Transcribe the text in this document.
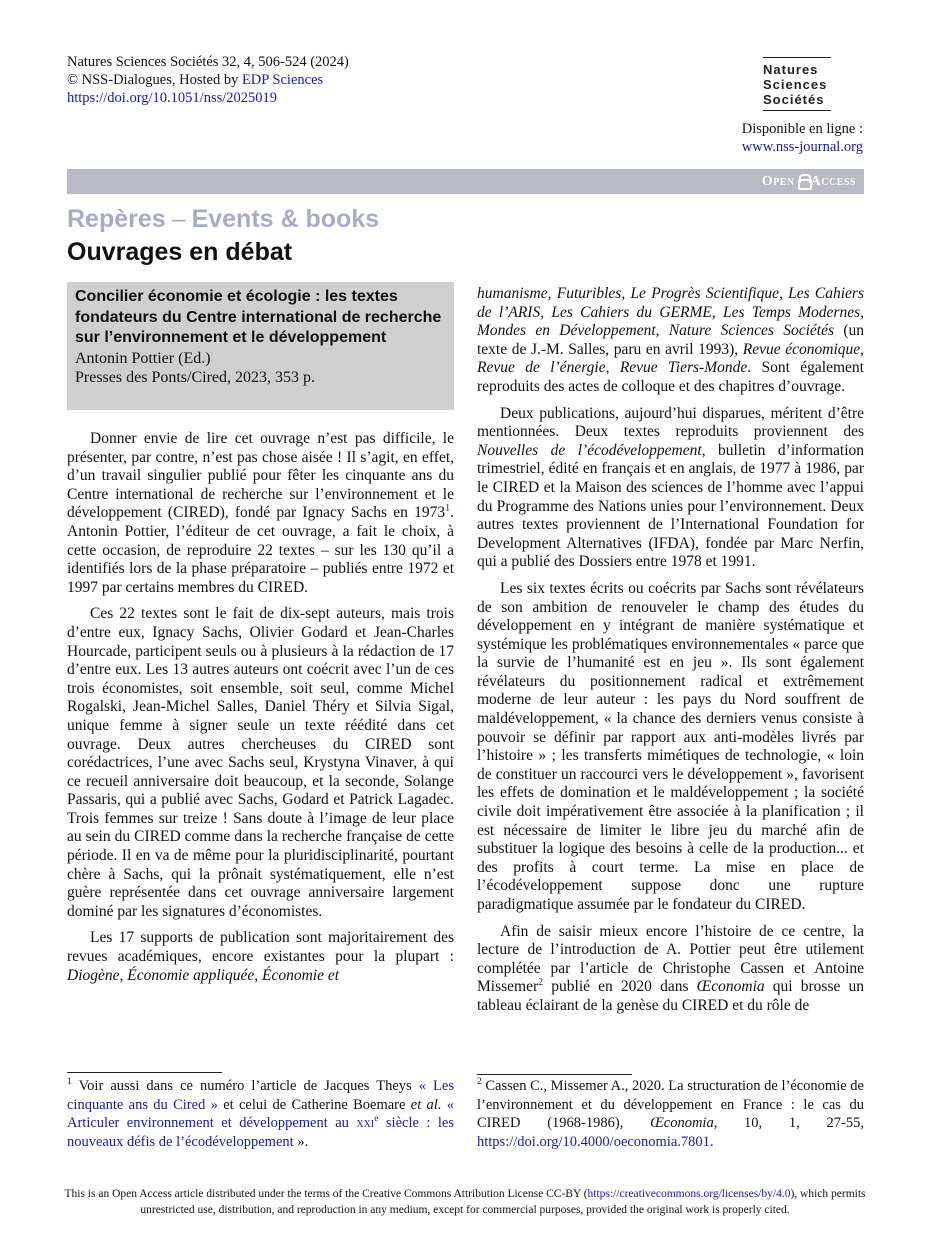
Natures Sciences Sociétés 32, 4, 506-524 (2024)
© NSS-Dialogues, Hosted by EDP Sciences
https://doi.org/10.1051/nss/2025019
Natures
Sciences
Sociétés
Disponible en ligne :
www.nss-journal.org
Open Access
Repères – Events & books
Ouvrages en débat
Concilier économie et écologie : les textes fondateurs du Centre international de recherche sur l’environnement et le développement
Antonin Pottier (Ed.)
Presses des Ponts/Cired, 2023, 353 p.

Donner envie de lire cet ouvrage n’est pas difficile, le présenter, par contre, n’est pas chose aisée ! Il s’agit, en effet, d’un travail singulier publié pour fêter les cinquante ans du Centre international de recherche sur l’environnement et le développement (CIRED), fondé par Ignacy Sachs en 1973$^1$. Antonin Pottier, l’éditeur de cet ouvrage, a fait le choix, à cette occasion, de reproduire 22 textes – sur les 130 qu’il a identifiés lors de la phase préparatoire – publiés entre 1972 et 1997 par certains membres du CIRED.

Ces 22 textes sont le fait de dix-sept auteurs, mais trois d’entre eux, Ignacy Sachs, Olivier Godard et Jean-Charles Hourcade, participent seuls ou à plusieurs à la rédaction de 17 d’entre eux. Les 13 autres auteurs ont coécrit avec l’un de ces trois économistes, soit ensemble, soit seul, comme Michel Rogalski, Jean-Michel Salles, Daniel Théry et Silvia Sigal, unique femme à signer seule un texte réédité dans cet ouvrage. Deux autres chercheuses du CIRED sont corédactrices, l’une avec Sachs seul, Krystyna Vinaver, à qui ce recueil anniversaire doit beaucoup, et la seconde, Solange Passaris, qui a publié avec Sachs, Godard et Patrick Lagadec. Trois femmes sur treize ! Sans doute à l’image de leur place au sein du CIRED comme dans la recherche française de cette période. Il en va de même pour la pluridisciplinarité, pourtant chère à Sachs, qui la prônait systématiquement, elle n’est guère représentée dans cet ouvrage anniversaire largement dominé par les signatures d’économistes.

Les 17 supports de publication sont majoritairement des revues académiques, encore existantes pour la plupart : Diogène, Économie appliquée, Économie et

humanisme, Futuribles, Le Progrès Scientifique, Les Cahiers de l’ARIS, Les Cahiers du GERME, Les Temps Modernes, Mondes en Développement, Nature Sciences Sociétés (un texte de J.-M. Salles, paru en avril 1993), Revue économique, Revue de l’énergie, Revue Tiers-Monde. Sont également reproduits des actes de colloque et des chapitres d’ouvrage.

Deux publications, aujourd’hui disparues, méritent d’être mentionnées. Deux textes reproduits proviennent des Nouvelles de l’écodéveloppement, bulletin d’information trimestriel, édité en français et en anglais, de 1977 à 1986, par le CIRED et la Maison des sciences de l’homme avec l’appui du Programme des Nations unies pour l’environnement. Deux autres textes proviennent de l’International Foundation for Development Alternatives (IFDA), fondée par Marc Nerfin, qui a publié des Dossiers entre 1978 et 1991.

Les six textes écrits ou coécrits par Sachs sont révélateurs de son ambition de renouveler le champ des études du développement en y intégrant de manière systématique et systémique les problématiques environnementales « parce que la survie de l’humanité est en jeu ». Ils sont également révélateurs du positionnement radical et extrêmement moderne de leur auteur : les pays du Nord souffrent de maldéveloppement, « la chance des derniers venus consiste à pouvoir se définir par rapport aux anti-modèles livrés par l’histoire » ; les transferts mimétiques de technologie, « loin de constituer un raccourci vers le développement », favorisent les effets de domination et le maldéveloppement ; la société civile doit impérativement être associée à la planification ; il est nécessaire de limiter le libre jeu du marché afin de substituer la logique des besoins à celle de la production... et des profits à court terme. La mise en place de l’écodéveloppement suppose donc une rupture paradigmatique assumée par le fondateur du CIRED.

Afin de saisir mieux encore l’histoire de ce centre, la lecture de l’introduction de A. Pottier peut être utilement complétée par l’article de Christophe Cassen et Antoine Missemer$^2$ publié en 2020 dans Œconomia qui brosse un tableau éclairant de la genèse du CIRED et du rôle de

$^1$ Voir aussi dans ce numéro l’article de Jacques Theys « Les cinquante ans du Cired » et celui de Catherine Boemare et al. « Articuler environnement et développement au xxi$^e$ siècle : les nouveaux défis de l’écodéveloppement ».
$^2$ Cassen C., Missemer A., 2020. La structuration de l’économie de l’environnement et du développement en France : le cas du CIRED (1968-1986), Œconomia, 10, 1, 27-55, https://doi.org/10.4000/oeconomia.7801.
This is an Open Access article distributed under the terms of the Creative Commons Attribution License CC-BY (https://creativecommons.org/licenses/by/4.0), which permits unrestricted use, distribution, and reproduction in any medium, except for commercial purposes, provided the original work is properly cited.
